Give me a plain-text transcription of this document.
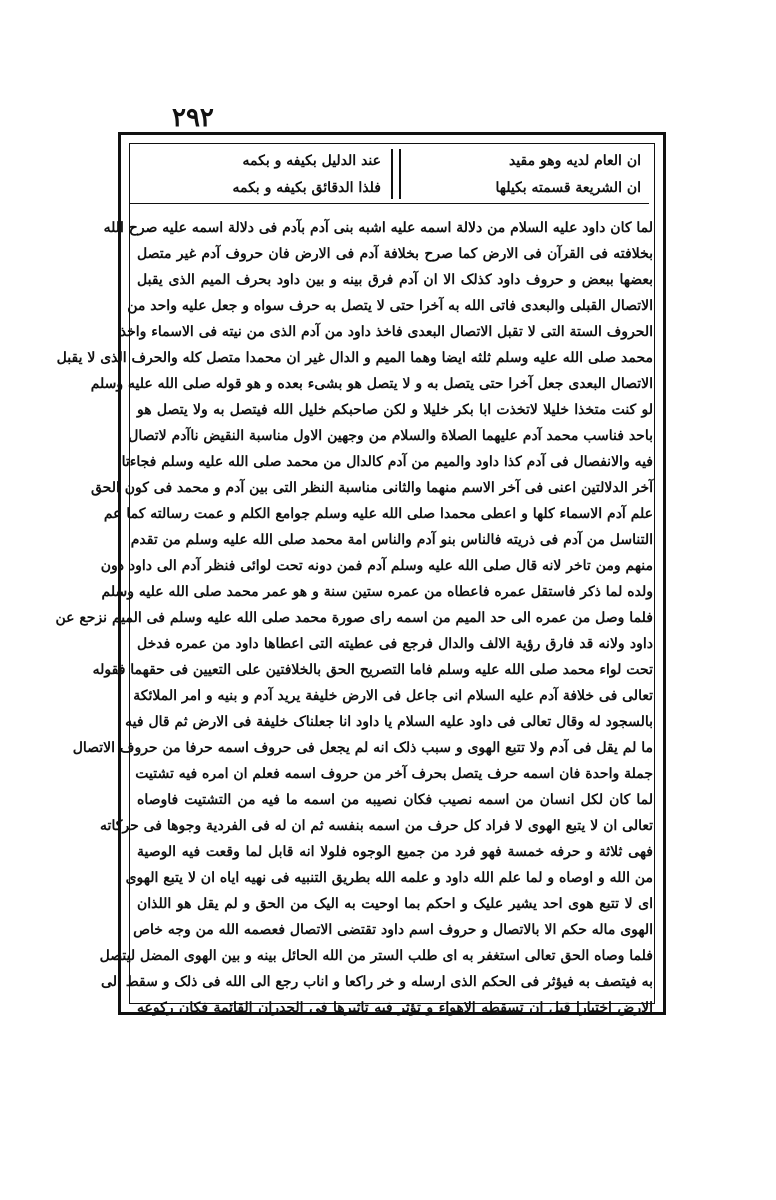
٢٩٢
ان العام لدیه وهو مقید
ان الشریعة قسمته بکیلها
عند الدلیل بکیفه و بکمه
فلذا الدقائق بکیفه و بکمه
لما کان داود علیه السلام من دلالة اسمه علیه اشبه بنی آدم بآدم فی دلالة اسمه علیه صرح الله
بخلافته فی القرآن فی الارض کما صرح بخلافة آدم فی الارض فان حروف آدم غیر متصل
بعضها ببعض و حروف داود کذلک الا ان آدم فرق بینه و بین داود بحرف المیم الذی یقبل
الاتصال القبلی والبعدی فاتی الله به آخرا حتی لا یتصل به حرف سواه و جعل علیه واحد من
الحروف الستة التی لا تقبل الاتصال البعدی فاخذ داود من آدم الذی من نیته فی الاسماء واخذ
محمد صلی الله علیه وسلم ثلثه ایضا وهما المیم و الدال غیر ان محمدا متصل کله والحرف الذی لا یقبل
الاتصال البعدی جعل آخرا حتی یتصل به و لا یتصل هو بشیء بعده و هو قوله صلی الله علیه وسلم
لو کنت متخذا خلیلا لاتخذت ابا بکر خلیلا و لکن صاحبکم خلیل الله فیتصل به ولا یتصل هو
باحد فناسب محمد آدم علیهما الصلاة والسلام من وجهین الاول مناسبة النقیض ناآدم لاتصال
فیه والانفصال فی آدم کذا داود والمیم من آدم کالدال من محمد صلی الله علیه وسلم فجاءتا
آخر الدلالتین اعنی فی آخر الاسم منهما والثانی مناسبة النظر التی بین آدم و محمد فی کون الحق
علم آدم الاسماء کلها و اعطی محمدا صلی الله علیه وسلم جوامع الکلم و عمت رسالته کما عم
التناسل من آدم فی ذریته فالناس بنو آدم والناس امة محمد صلی الله علیه وسلم من تقدم
منهم ومن تاخر لانه قال صلی الله علیه وسلم آدم فمن دونه تحت لوائی فنظر آدم الی داود دون
ولده لما ذکر فاستقل عمره فاعطاه من عمره ستین سنة و هو عمر محمد صلی الله علیه وسلم
فلما وصل من عمره الی حد المیم من اسمه رای صورة محمد صلی الله علیه وسلم فی المیم نزحع عن
داود ولانه قد فارق رؤیة الالف والدال فرجع فی عطیته التی اعطاها داود من عمره فدخل
تحت لواء محمد صلی الله علیه وسلم فاما التصریح الحق بالخلافتین علی التعیین فی حقهما فقوله
تعالی فی خلافة آدم علیه السلام انی جاعل فی الارض خلیفة یرید آدم و بنیه و امر الملائکة
بالسجود له وقال تعالی فی داود علیه السلام یا داود انا جعلناک خلیفة فی الارض ثم قال فیه
ما لم یقل فی آدم ولا تتبع الهوی و سبب ذلک انه لم یجعل فی حروف اسمه حرفا من حروف الاتصال
جملة واحدة فان اسمه حرف یتصل بحرف آخر من حروف اسمه فعلم ان امره فیه تشتیت
لما کان لکل انسان من اسمه نصیب فکان نصیبه من اسمه ما فیه من التشتیت فاوصاه
تعالی ان لا یتبع الهوی لا فراد کل حرف من اسمه بنفسه ثم ان له فی الفردیة وجوها فی حرکاته
فهی ثلاثة و حرفه خمسة فهو فرد من جمیع الوجوه فلولا انه قابل لما وقعت فیه الوصیة
من الله و اوصاه و لما علم الله داود و علمه الله بطریق التنبیه فی نهیه ایاه ان لا یتبع الهوی
ای لا تتبع هوی احد یشیر علیک و احکم بما اوحیت به الیک من الحق و لم یقل هو اللذان
الهوی ماله حکم الا بالاتصال و حروف اسم داود تقتضی الاتصال فعصمه الله من وجه خاص
فلما وصاه الحق تعالی استغفر به ای طلب الستر من الله الحائل بینه و بین الهوی المضل لیتصل
به فیتصف به فیؤثر فی الحکم الذی ارسله و خر راکعا و اناب رجع الی الله فی ذلک و سقط الی
الارض اختیارا قبل ان تسقطه الاهواء و تؤثر فیه تاثیرها فی الجدران القائمة فکان رکوعه
